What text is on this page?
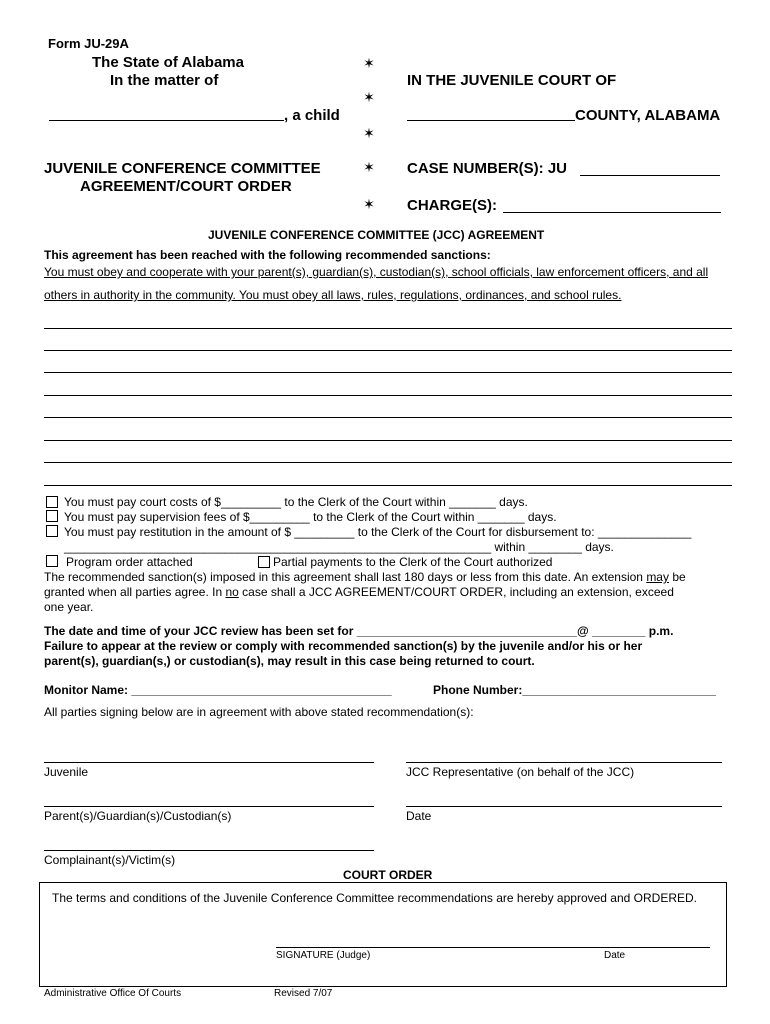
Form JU-29A
The State of Alabama
In the matter of
, a child
JUVENILE CONFERENCE COMMITTEE
AGREEMENT/COURT ORDER
✶
✶
✶
✶
✶
IN THE JUVENILE COURT OF
COUNTY, ALABAMA
CASE NUMBER(S): JU
CHARGE(S):
JUVENILE CONFERENCE COMMITTEE (JCC) AGREEMENT
This agreement has been reached with the following recommended sanctions:
You must obey and cooperate with your parent(s), guardian(s), custodian(s), school officials, law enforcement officers, and all
others in authority in the community. You must obey all laws, rules, regulations, ordinances, and school rules.
You must pay court costs of $_________ to the Clerk of the Court within _______ days.
You must pay supervision fees of $_________ to the Clerk of the Court within _______ days.
You must pay restitution in the amount of $ _________ to the Clerk of the Court for disbursement to: ______________
________________________________________________________________ within ________ days.
Program order attached	Partial payments to the Clerk of the Court authorized
The recommended sanction(s) imposed in this agreement shall last 180 days or less from this date. An extension may be
granted when all parties agree. In no case shall a JCC AGREEMENT/COURT ORDER, including an extension, exceed
one year.
The date and time of your JCC review has been set for _________________________________@ ________ p.m.
Failure to appear at the review or comply with recommended sanction(s) by the juvenile and/or his or her
parent(s), guardian(s,) or custodian(s), may result in this case being returned to court.
Monitor Name: _______________________________________	Phone Number:_____________________________
All parties signing below are in agreement with above stated recommendation(s):
Juvenile	JCC Representative (on behalf of the JCC)
Parent(s)/Guardian(s)/Custodian(s)	Date
Complainant(s)/Victim(s)
COURT ORDER
The terms and conditions of the Juvenile Conference Committee recommendations are hereby approved and ORDERED.
SIGNATURE (Judge)	Date
Administrative Office Of Courts	Revised 7/07
